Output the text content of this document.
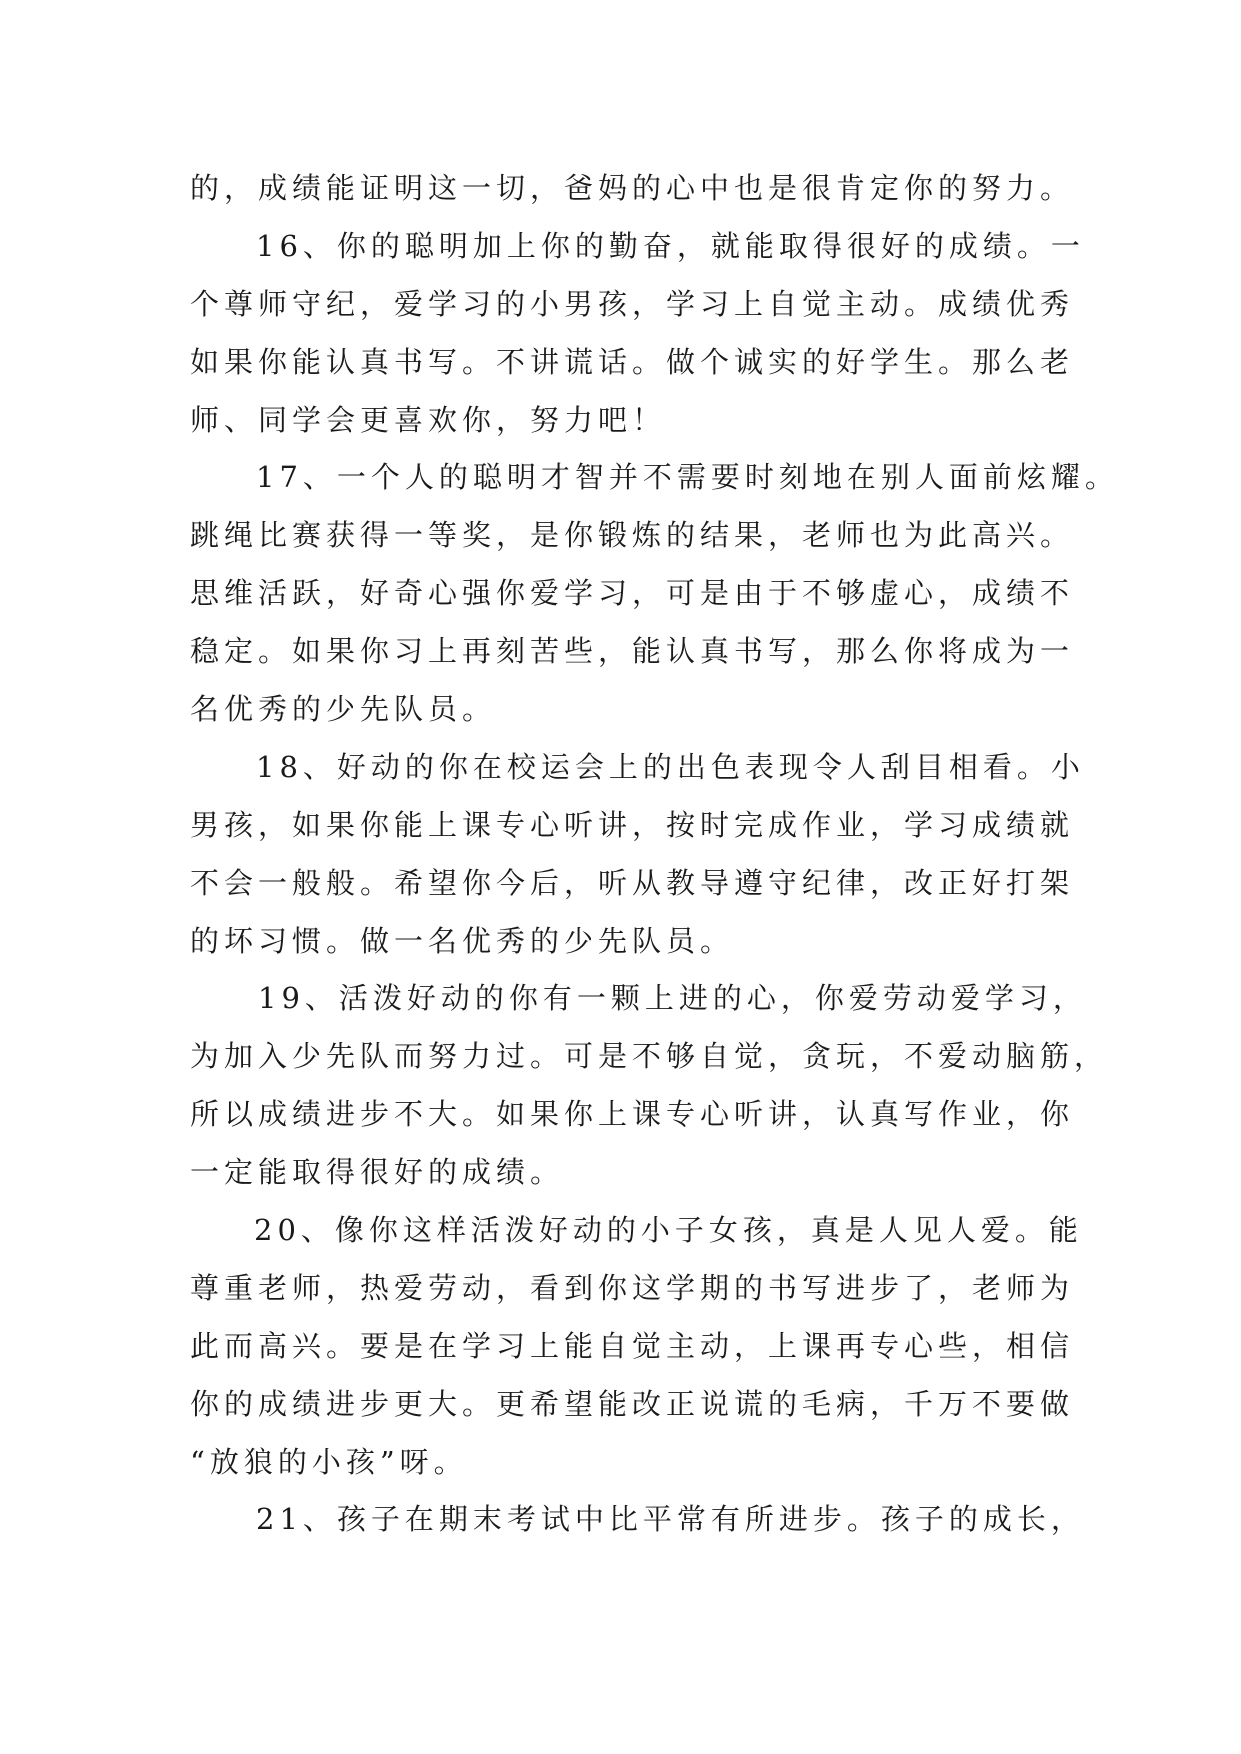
的，成绩能证明这一切，爸妈的心中也是很肯定你的努力。
16、你的聪明加上你的勤奋，就能取得很好的成绩。一
个尊师守纪，爱学习的小男孩，学习上自觉主动。成绩优秀
如果你能认真书写。不讲谎话。做个诚实的好学生。那么老
师、同学会更喜欢你，努力吧！
17、一个人的聪明才智并不需要时刻地在别人面前炫耀。
跳绳比赛获得一等奖，是你锻炼的结果，老师也为此高兴。
思维活跃，好奇心强你爱学习，可是由于不够虚心，成绩不
稳定。如果你习上再刻苦些，能认真书写，那么你将成为一
名优秀的少先队员。
18、好动的你在校运会上的出色表现令人刮目相看。小
男孩，如果你能上课专心听讲，按时完成作业，学习成绩就
不会一般般。希望你今后，听从教导遵守纪律，改正好打架
的坏习惯。做一名优秀的少先队员。
19、活泼好动的你有一颗上进的心，你爱劳动爱学习，
为加入少先队而努力过。可是不够自觉，贪玩，不爱动脑筋，
所以成绩进步不大。如果你上课专心听讲，认真写作业，你
一定能取得很好的成绩。
20、像你这样活泼好动的小子女孩，真是人见人爱。能
尊重老师，热爱劳动，看到你这学期的书写进步了，老师为
此而高兴。要是在学习上能自觉主动，上课再专心些，相信
你的成绩进步更大。更希望能改正说谎的毛病，千万不要做
“放狼的小孩”呀。
21、孩子在期末考试中比平常有所进步。孩子的成长，
